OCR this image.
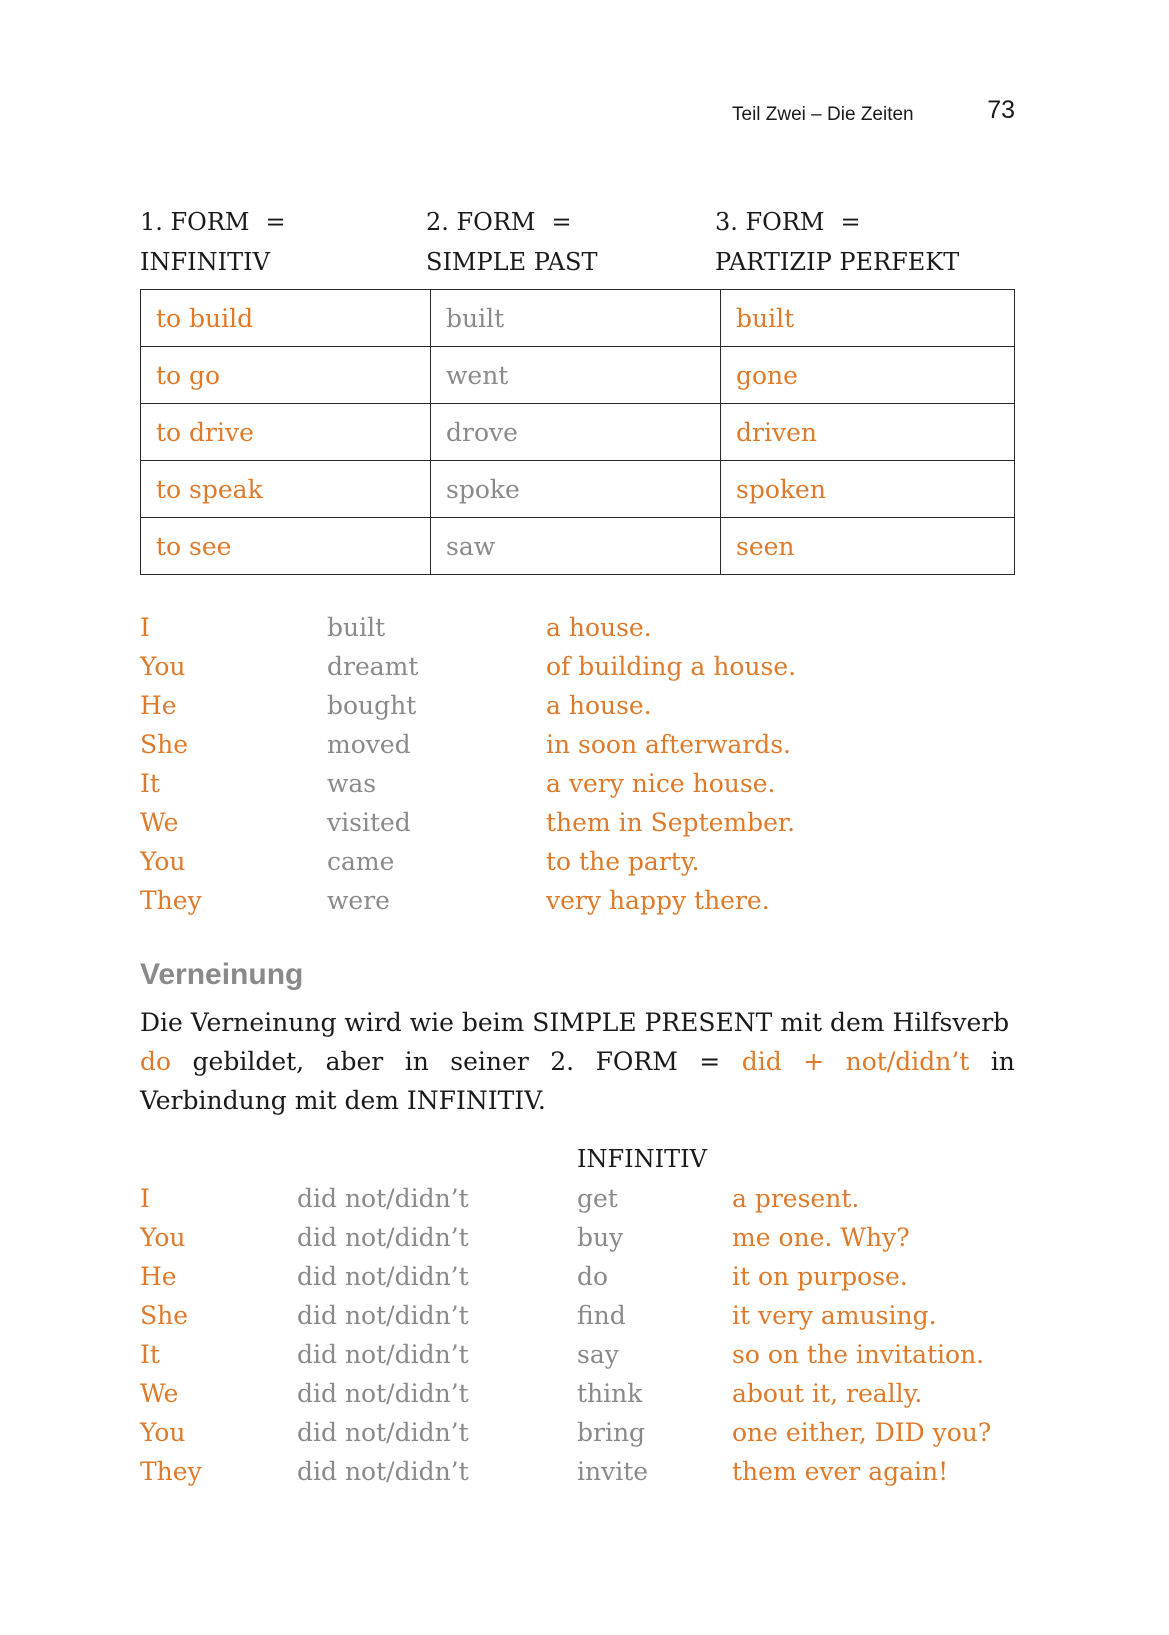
Teil Zwei – Die Zeiten	73
1. FORM =
INFINITIV
2. FORM =
SIMPLE PAST
3. FORM =
PARTIZIP PERFEKT
to build	built	built
to go	went	gone
to drive	drove	driven
to speak	spoke	spoken
to see	saw	seen
I	built	a house.
You	dreamt	of building a house.
He	bought	a house.
She	moved	in soon afterwards.
It	was	a very nice house.
We	visited	them in September.
You	came	to the party.
They	were	very happy there.
Verneinung
Die Verneinung wird wie beim SIMPLE PRESENT mit dem Hilfsverb
do gebildet, aber in seiner 2. FORM = did + not/didn’t in
Verbindung mit dem INFINITIV.
INFINITIV
I	did not/didn’t	get	a present.
You	did not/didn’t	buy	me one. Why?
He	did not/didn’t	do	it on purpose.
She	did not/didn’t	find	it very amusing.
It	did not/didn’t	say	so on the invitation.
We	did not/didn’t	think	about it, really.
You	did not/didn’t	bring	one either, DID you?
They	did not/didn’t	invite	them ever again!
